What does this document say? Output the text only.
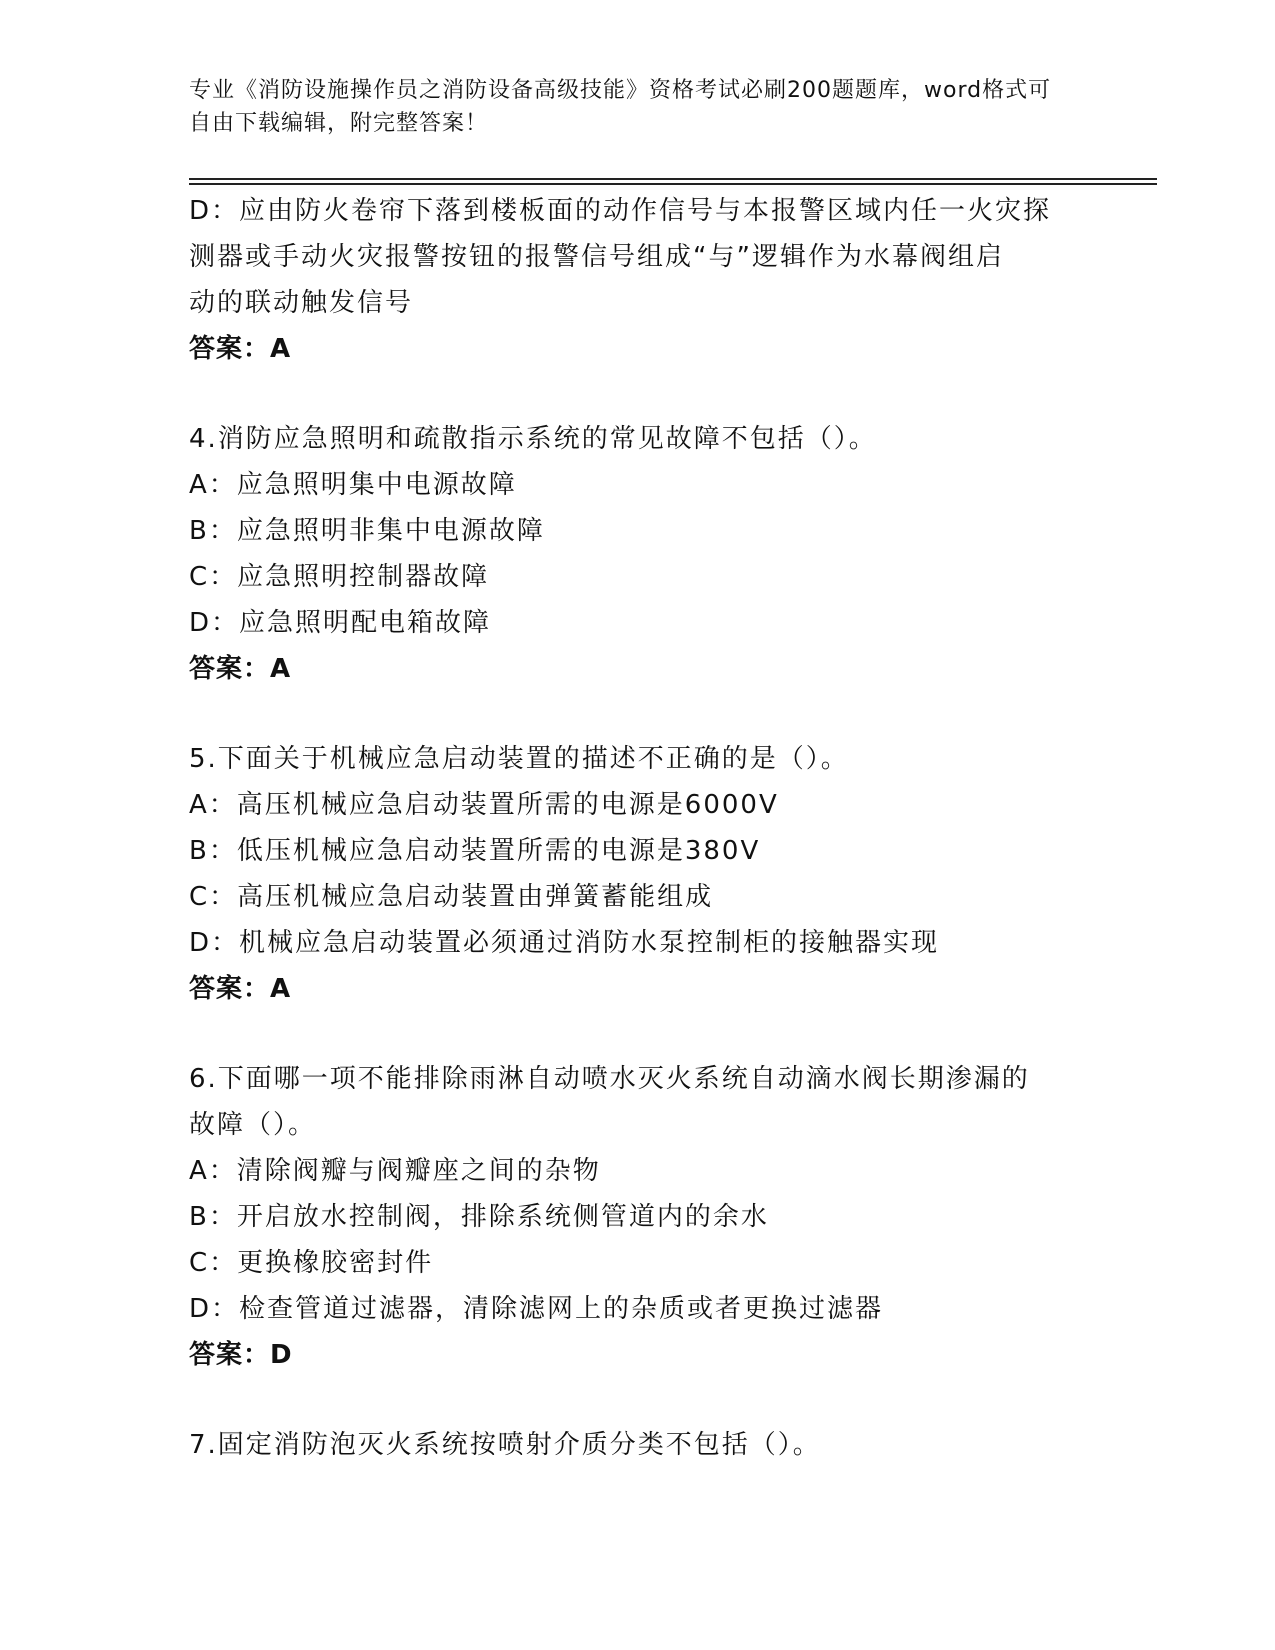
专业《消防设施操作员之消防设备高级技能》资格考试必刷200题题库，word格式可自由下载编辑，附完整答案！
D：应由防火卷帘下落到楼板面的动作信号与本报警区域内任一火灾探
测器或手动火灾报警按钮的报警信号组成“与”逻辑作为水幕阀组启
动的联动触发信号
答案：A
4.消防应急照明和疏散指示系统的常见故障不包括（）。
A：应急照明集中电源故障
B：应急照明非集中电源故障
C：应急照明控制器故障
D：应急照明配电箱故障
答案：A
5.下面关于机械应急启动装置的描述不正确的是（）。
A：高压机械应急启动装置所需的电源是6000V
B：低压机械应急启动装置所需的电源是380V
C：高压机械应急启动装置由弹簧蓄能组成
D：机械应急启动装置必须通过消防水泵控制柜的接触器实现
答案：A
6.下面哪一项不能排除雨淋自动喷水灭火系统自动滴水阀长期渗漏的
故障（）。
A：清除阀瓣与阀瓣座之间的杂物
B：开启放水控制阀，排除系统侧管道内的余水
C：更换橡胶密封件
D：检查管道过滤器，清除滤网上的杂质或者更换过滤器
答案：D
7.固定消防泡灭火系统按喷射介质分类不包括（）。
